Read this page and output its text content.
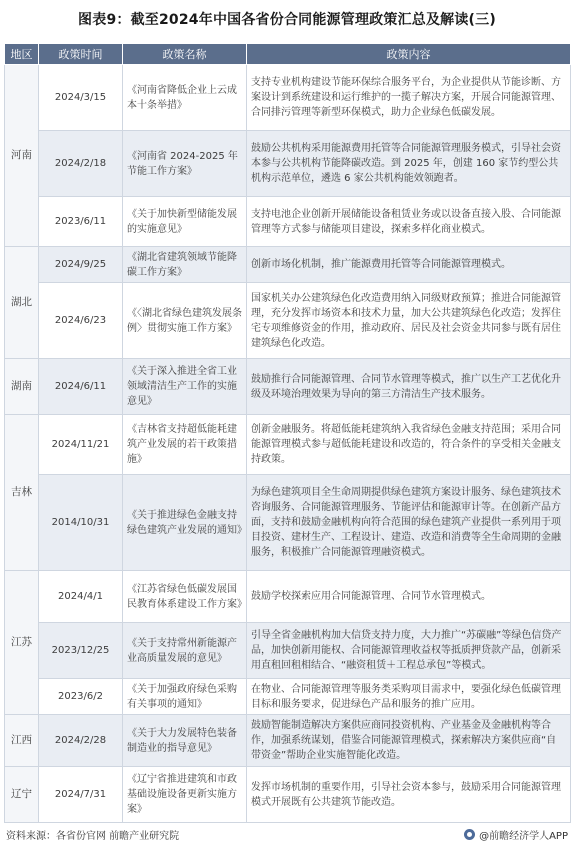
图表9：截至2024年中国各省份合同能源管理政策汇总及解读(三)
地区	政策时间	政策名称	政策内容
河南	2024/3/15	《河南省降低企业上云成本十条举措》	支持专业机构建设节能环保综合服务平台，为企业提供从节能诊断、方案设计到系统建设和运行维护的一揽子解决方案，开展合同能源管理、合同排污管理等新型环保模式，助力企业绿色低碳发展。
	2024/2/18	《河南省 2024-2025 年节能工作方案》	鼓励公共机构采用能源费用托管等合同能源管理服务模式，引导社会资本参与公共机构节能降碳改造。到 2025 年，创建 160 家节约型公共机构示范单位，遴选 6 家公共机构能效领跑者。
	2023/6/11	《关于加快新型储能发展的实施意见》	支持电池企业创新开展储能设备租赁业务或以设备直接入股、合同能源管理等方式参与储能项目建设，探索多样化商业模式。
湖北	2024/9/25	《湖北省建筑领域节能降碳工作方案》	创新市场化机制，推广能源费用托管等合同能源管理模式。
	2024/6/23	《〈湖北省绿色建筑发展条例〉贯彻实施工作方案》	国家机关办公建筑绿色化改造费用纳入同级财政预算；推进合同能源管理，充分发挥市场资本和技术力量，加大公共建筑绿色化改造；发挥住宅专项维修资金的作用，推动政府、居民及社会资金共同参与既有居住建筑绿色化改造。
湖南	2024/6/11	《关于深入推进全省工业领域清洁生产工作的实施意见》	鼓励推行合同能源管理、合同节水管理等模式，推广以生产工艺优化升级及环境治理效果为导向的第三方清洁生产技术服务。
吉林	2024/11/21	《吉林省支持超低能耗建筑产业发展的若干政策措施》	创新金融服务。将超低能耗建筑纳入我省绿色金融支持范围；采用合同能源管理模式参与超低能耗建设和改造的，符合条件的享受相关金融支持政策。
	2014/10/31	《关于推进绿色金融支持绿色建筑产业发展的通知》	为绿色建筑项目全生命周期提供绿色建筑方案设计服务、绿色建筑技术咨询服务、合同能源管理服务、节能评估和能源审计等。在创新产品方面，支持和鼓励金融机构向符合范围的绿色建筑产业提供一系列用于项目投资、建材生产、工程设计、建造、改造和消费等全生命周期的金融服务，积极推广合同能源管理融资模式。
江苏	2024/4/1	《江苏省绿色低碳发展国民教育体系建设工作方案》	鼓励学校探索应用合同能源管理、合同节水管理模式。
	2023/12/25	《关于支持常州新能源产业高质量发展的意见》	引导全省金融机构加大信贷支持力度，大力推广“苏碳融”等绿色信贷产品，加快创新用能权、合同能源管理收益权等抵质押贷款产品，创新采用直租回租相结合、“融资租赁＋工程总承包”等模式。
	2023/6/2	《关于加强政府绿色采购有关事项的通知》	在物业、合同能源管理等服务类采购项目需求中，要强化绿色低碳管理目标和服务要求，促进绿色产品和服务的推广应用。
江西	2024/2/28	《关于大力发展特色装备制造业的指导意见》	鼓励智能制造解决方案供应商同投资机构、产业基金及金融机构等合作，加强系统谋划，借鉴合同能源管理模式，探索解决方案供应商“自带资金”帮助企业实施智能化改造。
辽宁	2024/7/31	《辽宁省推进建筑和市政基础设施设备更新实施方案》	发挥市场机制的重要作用，引导社会资本参与，鼓励采用合同能源管理模式开展既有公共建筑节能改造。
资料来源：各省份官网 前瞻产业研究院	@前瞻经济学人APP
